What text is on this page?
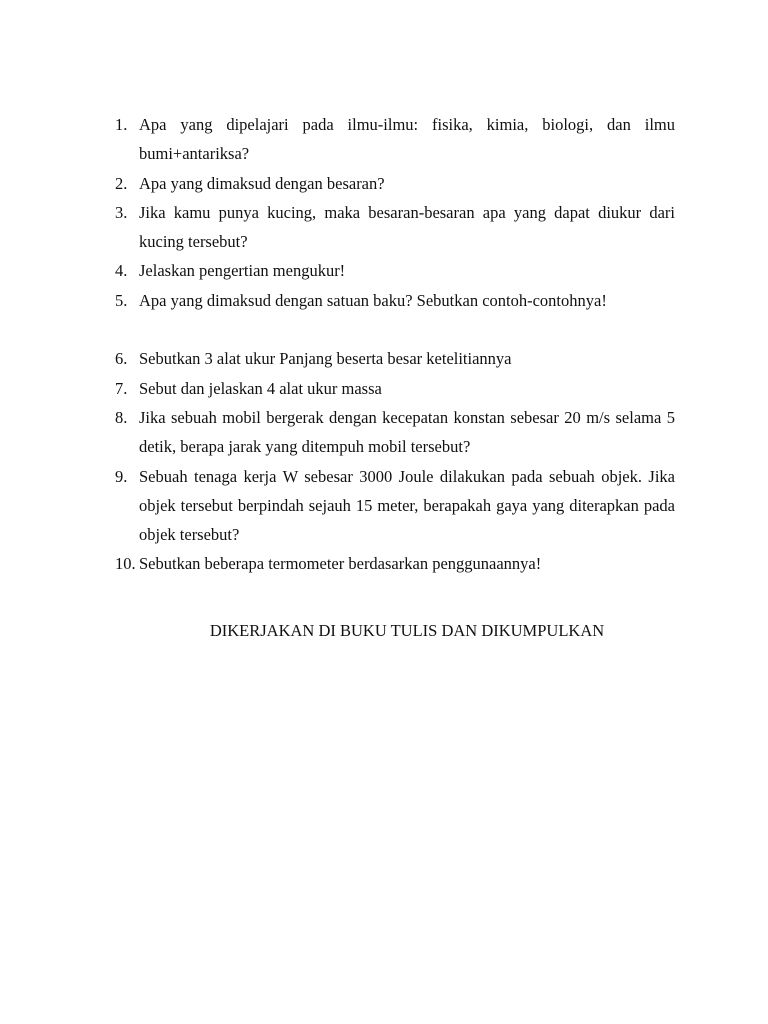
1. Apa yang dipelajari pada ilmu-ilmu: fisika, kimia, biologi, dan ilmu bumi+antariksa?
2. Apa yang dimaksud dengan besaran?
3. Jika kamu punya kucing, maka besaran-besaran apa yang dapat diukur dari kucing tersebut?
4. Jelaskan pengertian mengukur!
5. Apa yang dimaksud dengan satuan baku? Sebutkan contoh-contohnya!
6. Sebutkan 3 alat ukur Panjang beserta besar ketelitiannya
7. Sebut dan jelaskan 4 alat ukur massa
8. Jika sebuah mobil bergerak dengan kecepatan konstan sebesar 20 m/s selama 5 detik, berapa jarak yang ditempuh mobil tersebut?
9. Sebuah tenaga kerja W sebesar 3000 Joule dilakukan pada sebuah objek. Jika objek tersebut berpindah sejauh 15 meter, berapakah gaya yang diterapkan pada objek tersebut?
10. Sebutkan beberapa termometer berdasarkan penggunaannya!
DIKERJAKAN DI BUKU TULIS DAN DIKUMPULKAN
